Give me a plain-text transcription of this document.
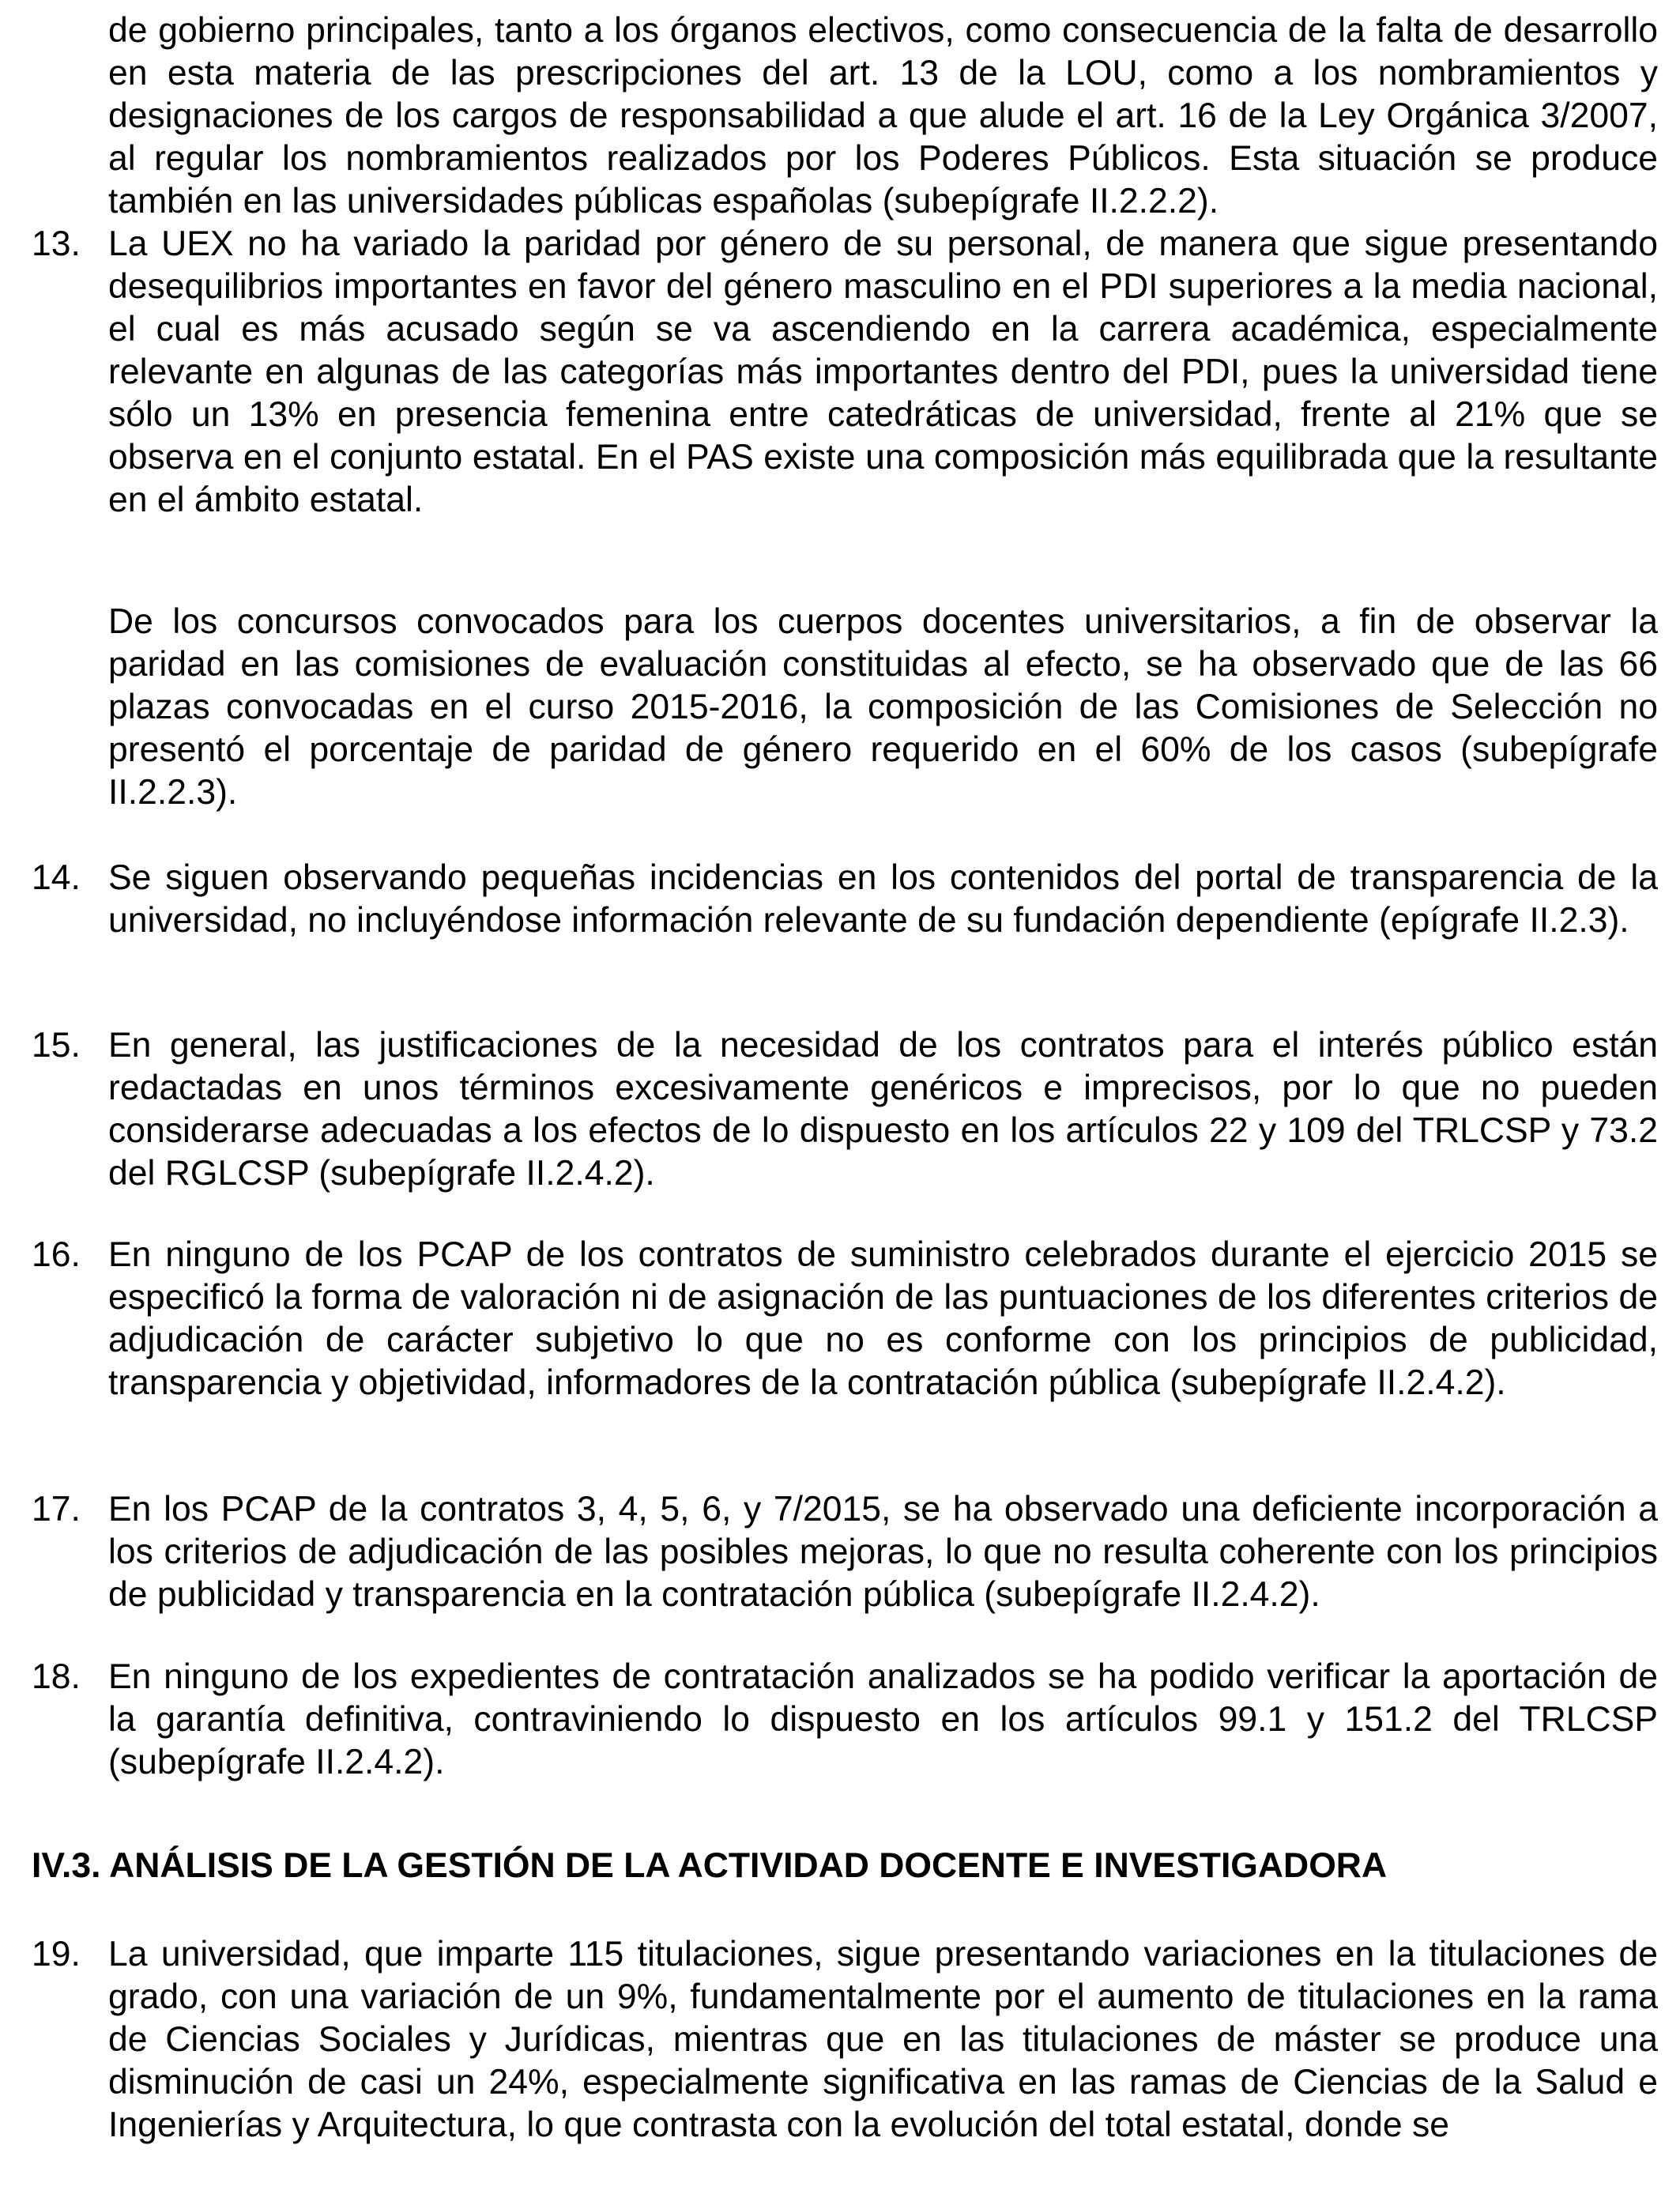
de gobierno principales, tanto a los órganos electivos, como consecuencia de la falta de desarrollo en esta materia de las prescripciones del art. 13 de la LOU, como a los nombramientos y designaciones de los cargos de responsabilidad a que alude el art. 16 de la Ley Orgánica 3/2007, al regular los nombramientos realizados por los Poderes Públicos. Esta situación se produce también en las universidades públicas españolas (subepígrafe II.2.2.2).

13. La UEX no ha variado la paridad por género de su personal, de manera que sigue presentando desequilibrios importantes en favor del género masculino en el PDI superiores a la media nacional, el cual es más acusado según se va ascendiendo en la carrera académica, especialmente relevante en algunas de las categorías más importantes dentro del PDI, pues la universidad tiene sólo un 13% en presencia femenina entre catedráticas de universidad, frente al 21% que se observa en el conjunto estatal. En el PAS existe una composición más equilibrada que la resultante en el ámbito estatal.

De los concursos convocados para los cuerpos docentes universitarios, a fin de observar la paridad en las comisiones de evaluación constituidas al efecto, se ha observado que de las 66 plazas convocadas en el curso 2015-2016, la composición de las Comisiones de Selección no presentó el porcentaje de paridad de género requerido en el 60% de los casos (subepígrafe II.2.2.3).

14. Se siguen observando pequeñas incidencias en los contenidos del portal de transparencia de la universidad, no incluyéndose información relevante de su fundación dependiente (epígrafe II.2.3).

15. En general, las justificaciones de la necesidad de los contratos para el interés público están redactadas en unos términos excesivamente genéricos e imprecisos, por lo que no pueden considerarse adecuadas a los efectos de lo dispuesto en los artículos 22 y 109 del TRLCSP y 73.2 del RGLCSP (subepígrafe II.2.4.2).

16. En ninguno de los PCAP de los contratos de suministro celebrados durante el ejercicio 2015 se especificó la forma de valoración ni de asignación de las puntuaciones de los diferentes criterios de adjudicación de carácter subjetivo lo que no es conforme con los principios de publicidad, transparencia y objetividad, informadores de la contratación pública (subepígrafe II.2.4.2).

17. En los PCAP de la contratos 3, 4, 5, 6, y 7/2015, se ha observado una deficiente incorporación a los criterios de adjudicación de las posibles mejoras, lo que no resulta coherente con los principios de publicidad y transparencia en la contratación pública (subepígrafe II.2.4.2).

18. En ninguno de los expedientes de contratación analizados se ha podido verificar la aportación de la garantía definitiva, contraviniendo lo dispuesto en los artículos 99.1 y 151.2 del TRLCSP (subepígrafe II.2.4.2).

IV.3. ANÁLISIS DE LA GESTIÓN DE LA ACTIVIDAD DOCENTE E INVESTIGADORA

19. La universidad, que imparte 115 titulaciones, sigue presentando variaciones en la titulaciones de grado, con una variación de un 9%, fundamentalmente por el aumento de titulaciones en la rama de Ciencias Sociales y Jurídicas, mientras que en las titulaciones de máster se produce una disminución de casi un 24%, especialmente significativa en las ramas de Ciencias de la Salud e Ingenierías y Arquitectura, lo que contrasta con la evolución del total estatal, donde se
